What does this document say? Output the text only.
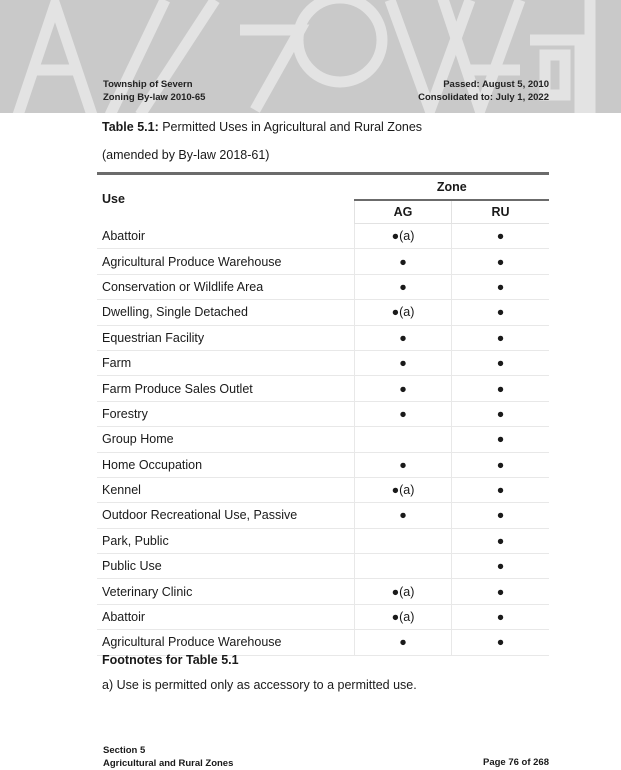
Township of Severn
Zoning By-law 2010-65
Passed: August 5, 2010
Consolidated to: July 1, 2022
Table 5.1: Permitted Uses in Agricultural and Rural Zones
(amended by By-law 2018-61)
Use	Zone	
	AG	RU
Abattoir	●(a)	●
Agricultural Produce Warehouse	●	●
Conservation or Wildlife Area	●	●
Dwelling, Single Detached	●(a)	●
Equestrian Facility	●	●
Farm	●	●
Farm Produce Sales Outlet	●	●
Forestry	●	●
Group Home		●
Home Occupation	●	●
Kennel	●(a)	●
Outdoor Recreational Use, Passive	●	●
Park, Public		●
Public Use		●
Veterinary Clinic	●(a)	●
Abattoir	●(a)	●
Agricultural Produce Warehouse	●	●
Footnotes for Table 5.1
a) Use is permitted only as accessory to a permitted use.
Section 5
Agricultural and Rural Zones	Page 76 of 268
